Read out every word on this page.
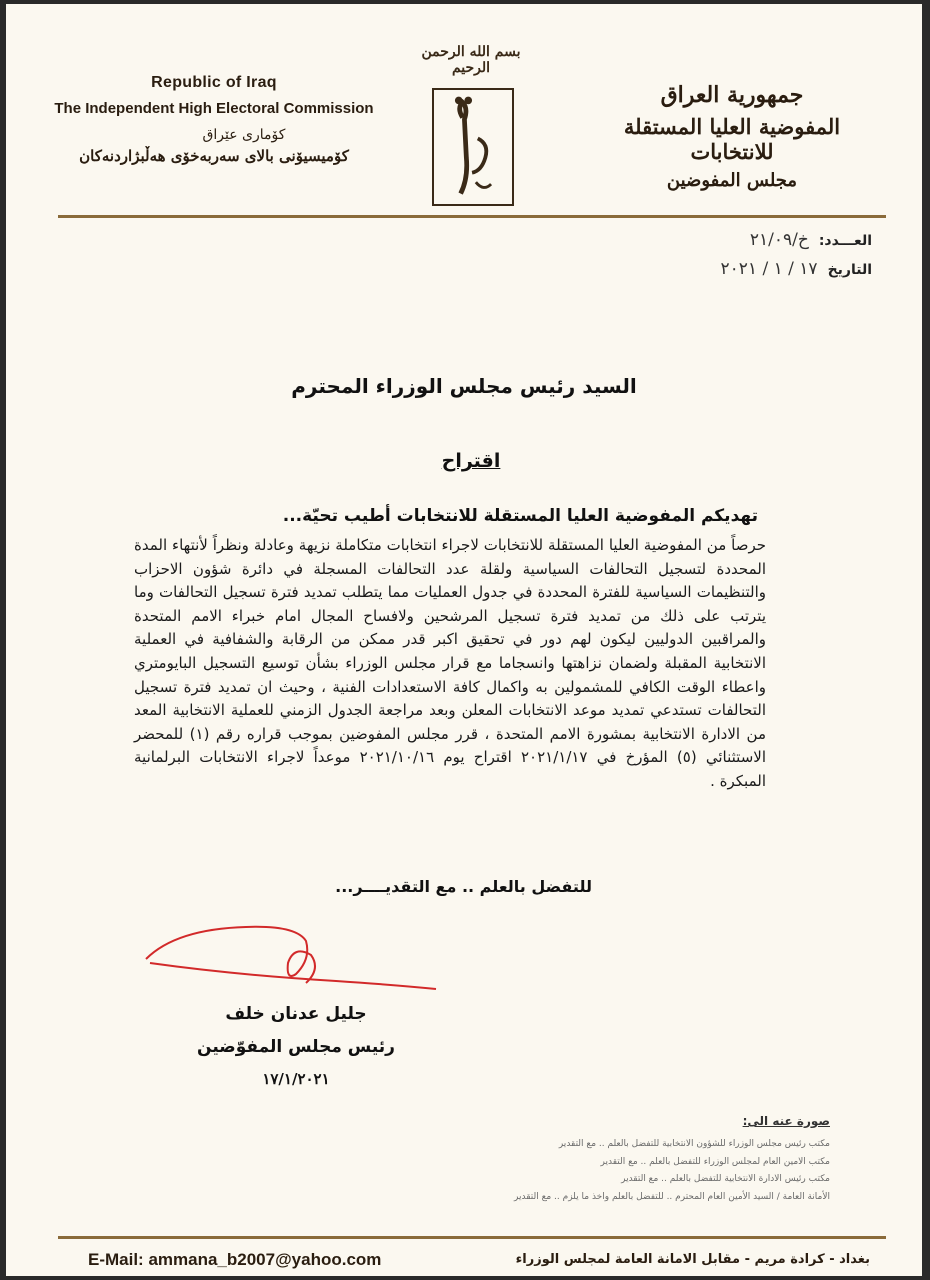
Republic of Iraq
The Independent High Electoral Commission
كۆماری عێراق
کۆمیسیۆنی بالای سه‌ربه‌خۆی هه‌ڵبژاردنه‌کان
بسم الله الرحمن الرحيم
جمهورية العراق
المفوضية العليا المستقلة للانتخابات
مجلس المفوضين
العـــدد:خ/٢١/٠٩
التاريخ١٧ / ١ / ٢٠٢١
السيد رئيس مجلس الوزراء المحترم
اقتراح
تهديكم المفوضية العليا المستقلة للانتخابات أطيب تحيّة...
حرصاً من المفوضية العليا المستقلة للانتخابات لاجراء انتخابات متكاملة نزيهة وعادلة ونظراً لأنتهاء المدة المحددة لتسجيل التحالفات السياسية ولقلة عدد التحالفات المسجلة في دائرة شؤون الاحزاب والتنظيمات السياسية للفترة المحددة في جدول العمليات مما يتطلب تمديد فترة تسجيل التحالفات وما يترتب على ذلك من تمديد فترة تسجيل المرشحين ولافساح المجال امام خبراء الامم المتحدة والمراقبين الدوليين ليكون لهم دور في تحقيق اكبر قدر ممكن من الرقابة والشفافية في العملية الانتخابية المقبلة ولضمان نزاهتها وانسجاما مع قرار مجلس الوزراء بشأن توسيع التسجيل البايومتري واعطاء الوقت الكافي للمشمولين به واكمال كافة الاستعدادات الفنية ، وحيث ان تمديد فترة تسجيل التحالفات تستدعي تمديد موعد الانتخابات المعلن وبعد مراجعة الجدول الزمني للعملية الانتخابية المعد من الادارة الانتخابية بمشورة الامم المتحدة ، قرر مجلس المفوضين بموجب قراره رقم (١) للمحضر الاستثنائي (٥) المؤرخ في ٢٠٢١/١/١٧ اقتراح يوم ٢٠٢١/١٠/١٦ موعداً لاجراء الانتخابات البرلمانية المبكرة .
للتفضل بالعلم .. مع التقديــــر...
جليل عدنان خلف
رئيس مجلس المفوّضين
١٧/١/٢٠٢١
صورة عنه الى:
مكتب رئيس مجلس الوزراء للشؤون الانتخابية للتفضل بالعلم .. مع التقدير
مكتب الامين العام لمجلس الوزراء للتفضل بالعلم .. مع التقدير
مكتب رئيس الادارة الانتخابية للتفضل بالعلم .. مع التقدير
الأمانة العامة / السيد الأمين العام المحترم .. للتفضل بالعلم واخذ ما يلزم .. مع التقدير
E-Mail: ammana_b2007@yahoo.com	بغداد - كرادة مريم - مقابل الامانة العامة لمجلس الوزراء
